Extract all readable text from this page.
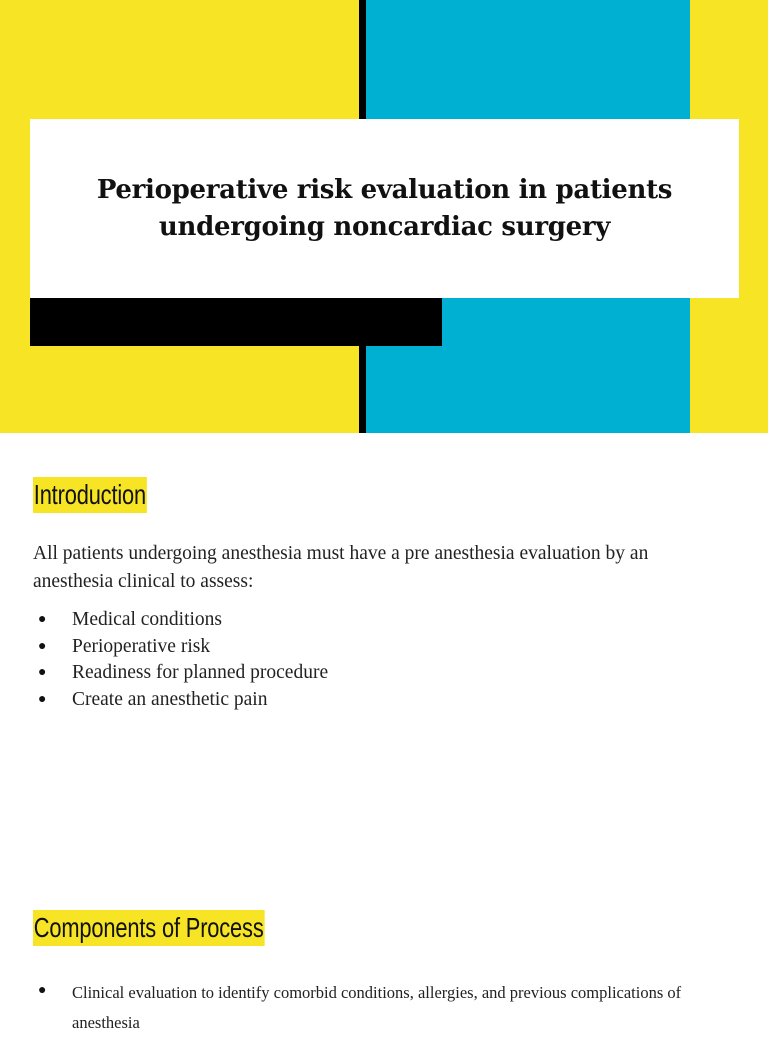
Perioperative risk evaluation in patients undergoing noncardiac surgery
Introduction

All patients undergoing anesthesia must have a pre anesthesia evaluation by an anesthesia clinical to assess:

● Medical conditions
● Perioperative risk
● Readiness for planned procedure
● Create an anesthetic pain
Components of Process
● Clinical evaluation to identify comorbid conditions, allergies, and previous complications of anesthesia
